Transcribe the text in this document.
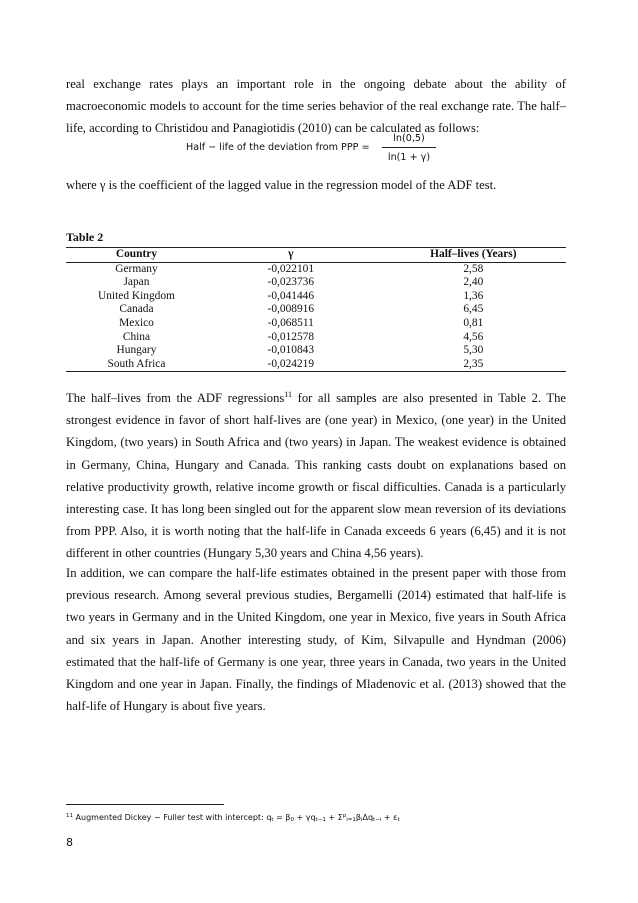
real exchange rates plays an important role in the ongoing debate about the ability of macroeconomic models to account for the time series behavior of the real exchange rate. The half–life, according to Christidou and Panagiotidis (2010) can be calculated as follows:

Half − life of the deviation from PPP =
ln(0,5)
ln(1 + γ)

where γ is the coefficient of the lagged value in the regression model of the ADF test.

Table 2
Country	γ	Half–lives (Years)
Germany	-0,022101	2,58
Japan	-0,023736	2,40
United Kingdom	-0,041446	1,36
Canada	-0,008916	6,45
Mexico	-0,068511	0,81
China	-0,012578	4,56
Hungary	-0,010843	5,30
South Africa	-0,024219	2,35

The half–lives from the ADF regressions$^{11}$ for all samples are also presented in Table 2. The strongest evidence in favor of short half-lives are (one year) in Mexico, (one year) in the United Kingdom, (two years) in South Africa and (two years) in Japan. The weakest evidence is obtained in Germany, China, Hungary and Canada. This ranking casts doubt on explanations based on relative productivity growth, relative income growth or fiscal difficulties. Canada is a particularly interesting case. It has long been singled out for the apparent slow mean reversion of its deviations from PPP. Also, it is worth noting that the half-life in Canada exceeds 6 years (6,45) and it is not different in other countries (Hungary 5,30 years and China 4,56 years).

In addition, we can compare the half-life estimates obtained in the present paper with those from previous research. Among several previous studies, Bergamelli (2014) estimated that half-life is two years in Germany and in the United Kingdom, one year in Mexico, five years in South Africa and six years in Japan. Another interesting study, of Kim, Silvapulle and Hyndman (2006) estimated that the half-life of Germany is one year, three years in Canada, two years in the United Kingdom and one year in Japan. Finally, the findings of Mladenovic et al. (2013) showed that the half-life of Hungary is about five years.

$^{11}$ Augmented Dickey − Fuller test with intercept: $q_t = \beta_0 + \gamma q_{t-1} + \Sigma^p_{i=1}\beta_i\Delta q_{t-i} + \varepsilon_t$
8
